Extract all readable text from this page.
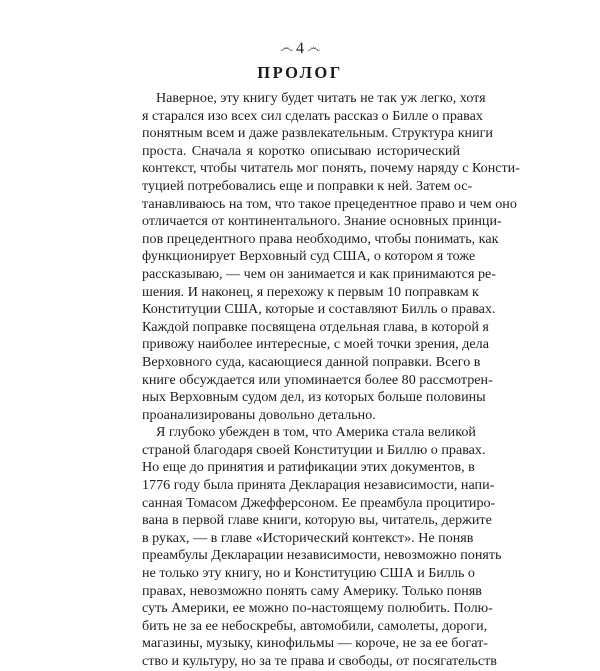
෴ 4 ෴
ПРОЛОГ
Наверное, эту книгу будет читать не так уж легко, хотя
я старался изо всех сил сделать рассказ о Билле о правах
понятным всем и даже развлекательным. Структура книги
проста. Сначала я коротко описываю исторический
контекст, чтобы читатель мог понять, почему наряду с Консти-
туцией потребовались еще и поправки к ней. Затем ос-
танавливаюсь на том, что такое прецедентное право и чем оно
отличается от континентального. Знание основных принци-
пов прецедентного права необходимо, чтобы понимать, как
функционирует Верховный суд США, о котором я тоже
рассказываю, — чем он занимается и как принимаются ре-
шения. И наконец, я перехожу к первым 10 поправкам к
Конституции США, которые и составляют Билль о правах.
Каждой поправке посвящена отдельная глава, в которой я
привожу наиболее интересные, с моей точки зрения, дела
Верховного суда, касающиеся данной поправки. Всего в
книге обсуждается или упоминается более 80 рассмотрен-
ных Верховным судом дел, из которых больше половины
проанализированы довольно детально.
Я глубоко убежден в том, что Америка стала великой
страной благодаря своей Конституции и Биллю о правах.
Но еще до принятия и ратификации этих документов, в
1776 году была принята Декларация независимости, напи-
санная Томасом Джефферсоном. Ее преамбула процитиро-
вана в первой главе книги, которую вы, читатель, держите
в руках, — в главе «Исторический контекст». Не поняв
преамбулы Декларации независимости, невозможно понять
не только эту книгу, но и Конституцию США и Билль о
правах, невозможно понять саму Америку. Только поняв
суть Америки, ее можно по-настоящему полюбить. Полю-
бить не за ее небоскребы, автомобили, самолеты, дороги,
магазины, музыку, кинофильмы — короче, не за ее богат-
ство и культуру, но за те права и свободы, от посягательств
